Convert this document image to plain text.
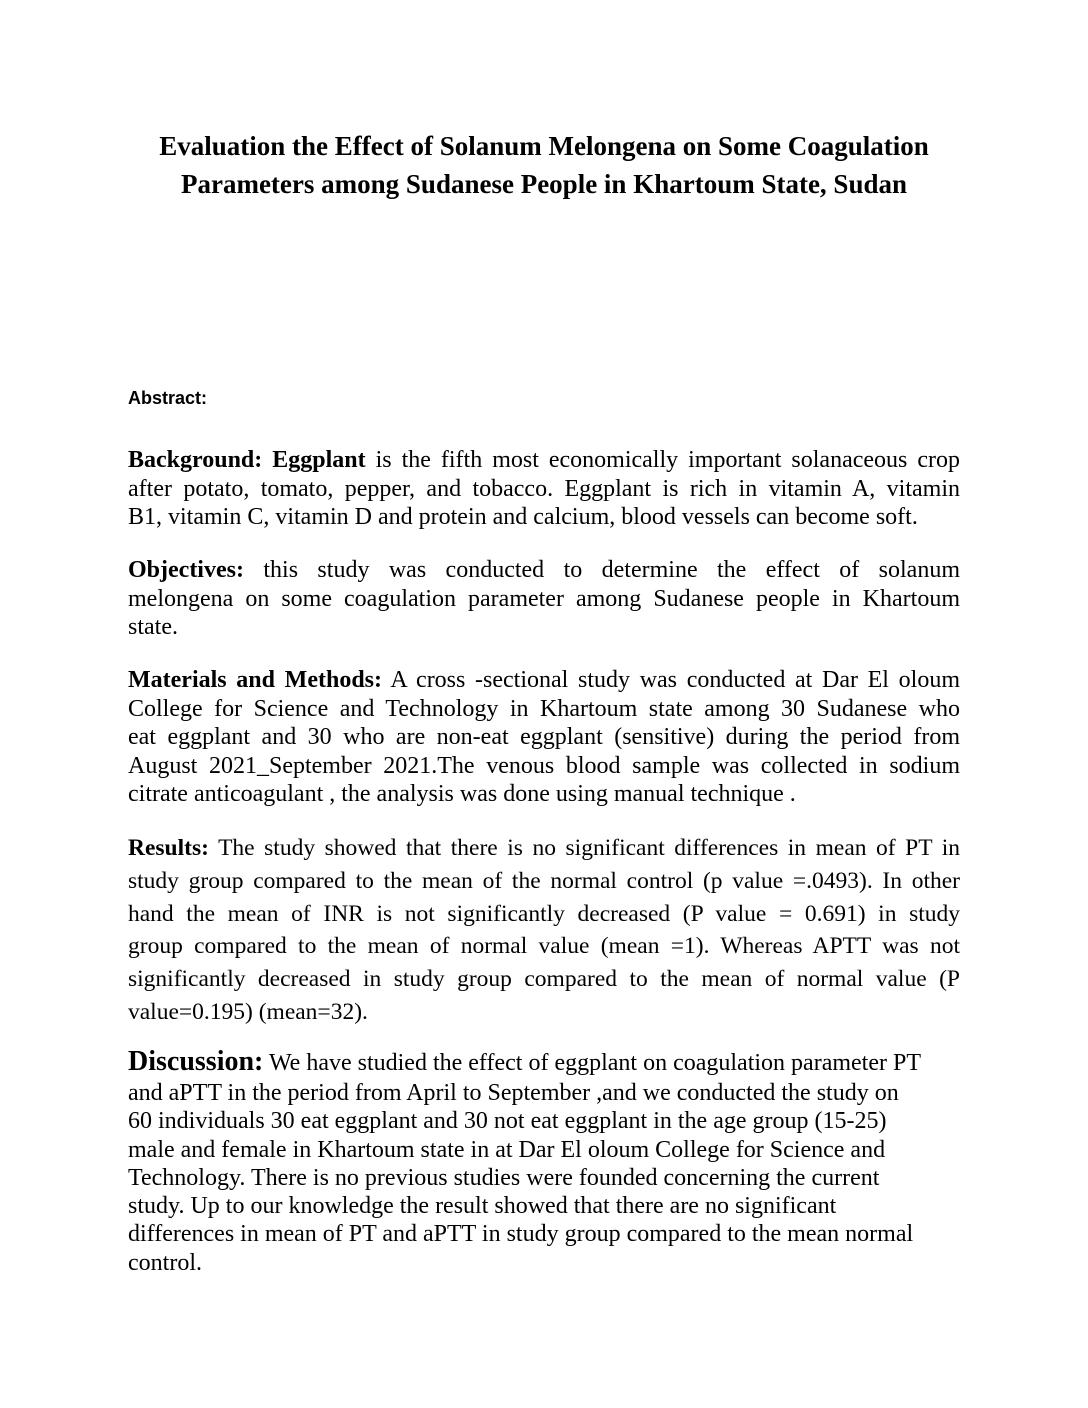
Evaluation the Effect of Solanum Melongena on Some Coagulation
Parameters among Sudanese People in Khartoum State, Sudan
Abstract:
Background: Eggplant is the fifth most economically important solanaceous crop
after potato, tomato, pepper, and tobacco. Eggplant is rich in vitamin A, vitamin
B1, vitamin C, vitamin D and protein and calcium, blood vessels can become soft.
Objectives: this study was conducted to determine the effect of solanum
melongena on some coagulation parameter among Sudanese people in Khartoum
state.
Materials and Methods: A cross -sectional study was conducted at Dar El oloum
College for Science and Technology in Khartoum state among 30 Sudanese who
eat eggplant and 30 who are non-eat eggplant (sensitive) during the period from
August 2021_September 2021.The venous blood sample was collected in sodium
citrate anticoagulant , the analysis was done using manual technique .
Results: The study showed that there is no significant differences in mean of PT in
study group compared to the mean of the normal control (p value =.0493). In other
hand the mean of INR is not significantly decreased (P value = 0.691) in study
group compared to the mean of normal value (mean =1). Whereas APTT was not
significantly decreased in study group compared to the mean of normal value (P
value=0.195) (mean=32).
Discussion: We have studied the effect of eggplant on coagulation parameter PT
and aPTT in the period from April to September ,and we conducted the study on
60 individuals 30 eat eggplant and 30 not eat eggplant in the age group (15-25)
male and female in Khartoum state in at Dar El oloum College for Science and
Technology. There is no previous studies were founded concerning the current
study. Up to our knowledge the result showed that there are no significant
differences in mean of PT and aPTT in study group compared to the mean normal
control.
